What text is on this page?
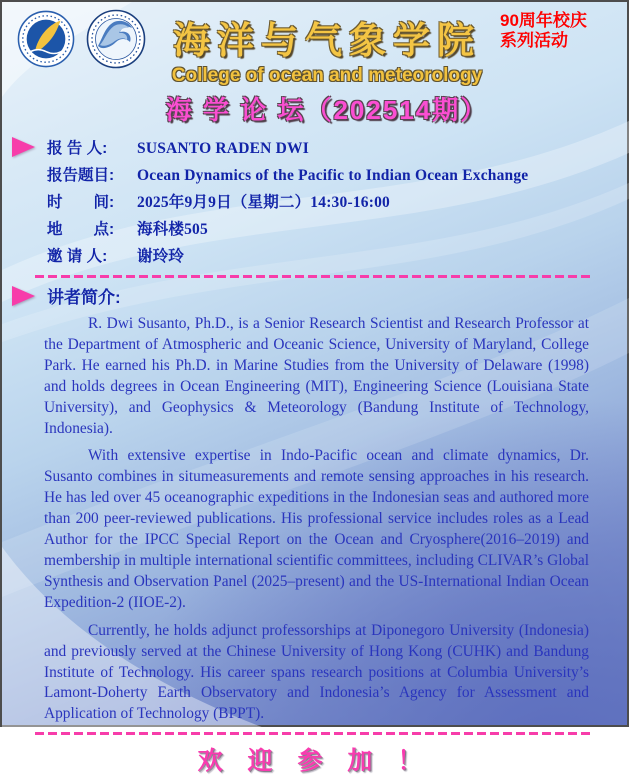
90周年校庆
系列活动
海洋与气象学院
College of ocean and meteorology
海 学 论 坛（202514期）
报 告 人:	SUSANTO RADEN DWI
报告题目:	Ocean Dynamics of the Pacific to Indian Ocean Exchange
时　　间:	2025年9月9日（星期二）14:30-16:00
地　　点:	海科楼505
邀 请 人:	谢玲玲
讲者简介:

R. Dwi Susanto, Ph.D., is a Senior Research Scientist and Research Professor at the Department of Atmospheric and Oceanic Science, University of Maryland, College Park. He earned his Ph.D. in Marine Studies from the University of Delaware (1998) and holds degrees in Ocean Engineering (MIT), Engineering Science (Louisiana State University), and Geophysics & Meteorology (Bandung Institute of Technology, Indonesia).

With extensive expertise in Indo-Pacific ocean and climate dynamics, Dr. Susanto combines in situmeasurements and remote sensing approaches in his research. He has led over 45 oceanographic expeditions in the Indonesian seas and authored more than 200 peer-reviewed publications. His professional service includes roles as a Lead Author for the IPCC Special Report on the Ocean and Cryosphere(2016–2019) and membership in multiple international scientific committees, including CLIVAR’s Global Synthesis and Observation Panel (2025–present) and the US-International Indian Ocean Expedition-2 (IIOE-2).

Currently, he holds adjunct professorships at Diponegoro University (Indonesia) and previously served at the Chinese University of Hong Kong (CUHK) and Bandung Institute of Technology. His career spans research positions at Columbia University’s Lamont-Doherty Earth Observatory and Indonesia’s Agency for Assessment and Application of Technology (BPPT).

欢 迎 参 加 ！
